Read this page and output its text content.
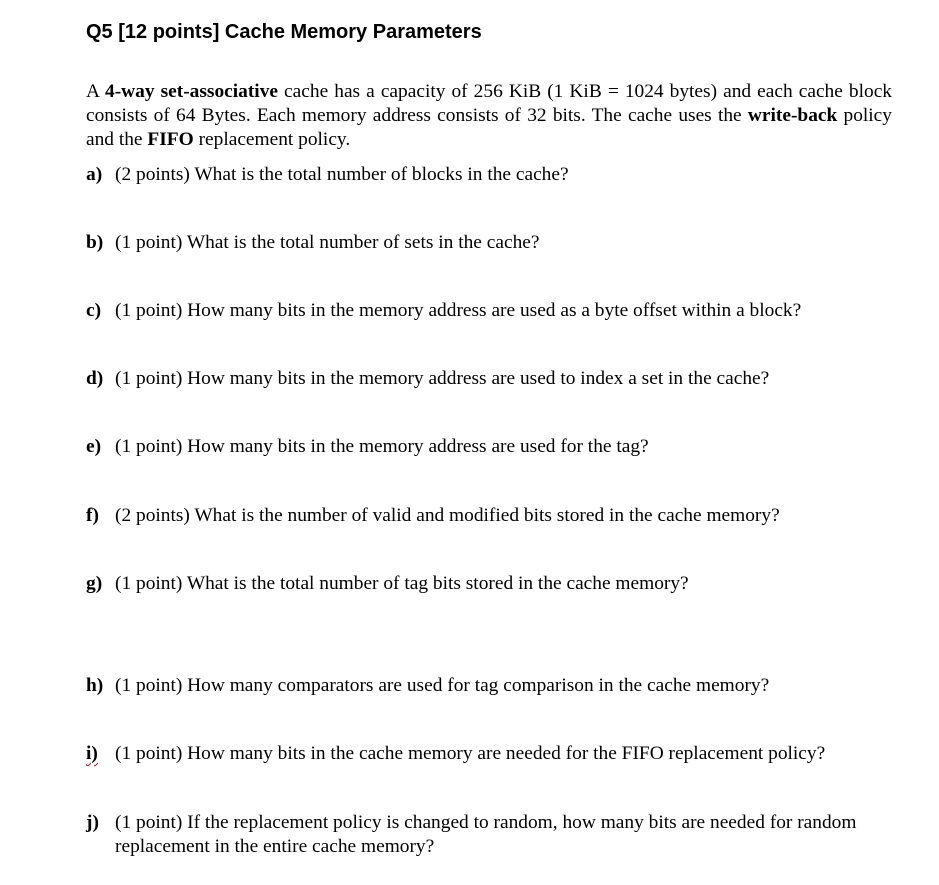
Q5 [12 points] Cache Memory Parameters
A 4-way set-associative cache has a capacity of 256 KiB (1 KiB = 1024 bytes) and each cache block consists of 64 Bytes. Each memory address consists of 32 bits. The cache uses the write-back policy and the FIFO replacement policy.
a) (2 points) What is the total number of blocks in the cache?
b) (1 point) What is the total number of sets in the cache?
c) (1 point) How many bits in the memory address are used as a byte offset within a block?
d) (1 point) How many bits in the memory address are used to index a set in the cache?
e) (1 point) How many bits in the memory address are used for the tag?
f) (2 points) What is the number of valid and modified bits stored in the cache memory?
g) (1 point) What is the total number of tag bits stored in the cache memory?
h) (1 point) How many comparators are used for tag comparison in the cache memory?
i) (1 point) How many bits in the cache memory are needed for the FIFO replacement policy?
j) (1 point) If the replacement policy is changed to random, how many bits are needed for random replacement in the entire cache memory?
